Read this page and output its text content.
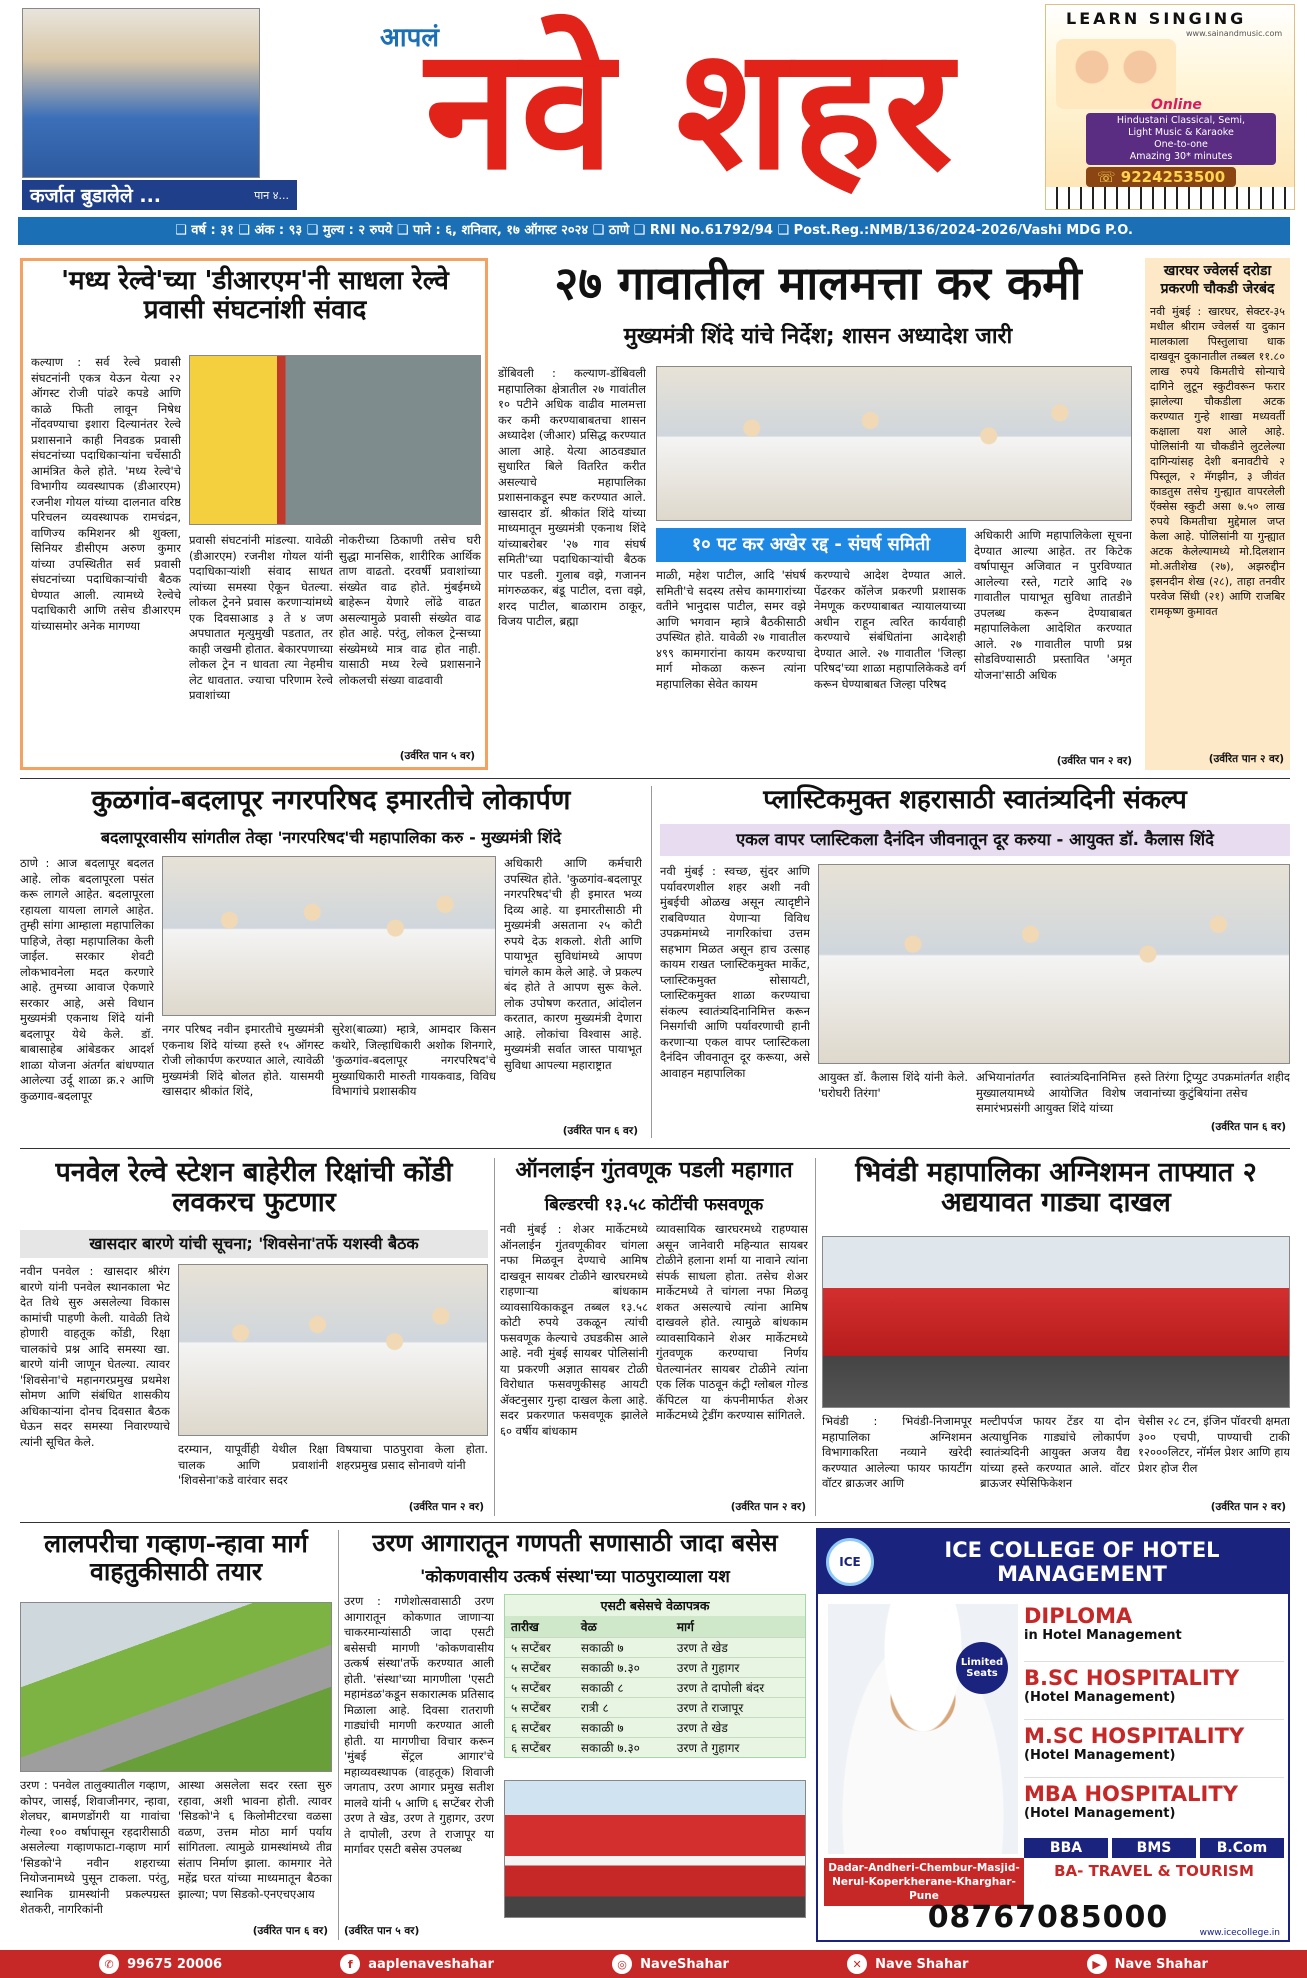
कर्जात बुडालेले ...	पान ४...
आपलं
नवे शहर	LEARN SINGING
www.sainandmusic.com
Online
Hindustani Classical, Semi,
Light Music & Karaoke
One-to-one
Amazing 30* minutes
☏ 9224253500
❑ वर्ष : ३१ ❑ अंक : ९३ ❑ मुल्य : २ रुपये ❑ पाने : ६, शनिवार, १७ ऑगस्ट २०२४ ❑ ठाणे ❑ RNI No.61792/94 ❑ Post.Reg.:NMB/136/2024-2026/Vashi MDG P.O.
'मध्य रेल्वे'च्या 'डीआरएम'नी साधला रेल्वे प्रवासी संघटनांशी संवाद
कल्याण : सर्व रेल्वे प्रवासी संघटनांनी एकत्र येऊन येत्या २२ ऑगस्ट रोजी पांढरे कपडे आणि काळे फिती लावून निषेध नोंदवण्याचा इशारा दिल्यानंतर रेल्वे प्रशासनाने काही निवडक प्रवासी संघटनांच्या पदाधिकाऱ्यांना चर्चेसाठी आमंत्रित केले होते. 'मध्य रेल्वे'चे विभागीय व्यवस्थापक (डीआरएम) रजनीश गोयल यांच्या दालनात वरिष्ठ परिचलन व्यवस्थापक रामचंद्रन, वाणिज्य कमिशनर श्री शुक्ला, सिनियर डीसीएम अरुण कुमार यांच्या उपस्थितीत सर्व प्रवासी संघटनांच्या पदाधिकाऱ्यांची बैठक घेण्यात आली. त्यामध्ये रेल्वेचे पदाधिकारी आणि तसेच डीआरएम यांच्यासमोर अनेक मागण्या
प्रवासी संघटनांनी मांडल्या. यावेळी (डीआरएम) रजनीश गोयल यांनी पदाधिकाऱ्यांशी संवाद साधत त्यांच्या समस्या ऐकून घेतल्या. लोकल ट्रेनने प्रवास करणाऱ्यांमध्ये एक दिवसाआड ३ ते ४ जण अपघातात मृत्युमुखी पडतात, तर काही जखमी होतात. बेकारपणाच्या लोकल ट्रेन न धावता त्या नेहमीच लेट धावतात. ज्याचा परिणाम रेल्वे प्रवाशांच्या
नोकरीच्या ठिकाणी तसेच घरी सुद्धा मानसिक, शारीरिक आर्थिक ताण वाढतो. दरवर्षी प्रवाशांच्या संख्येत वाढ होते. मुंबईमध्ये बाहेरून येणारे लोंढे वाढत असल्यामुळे प्रवासी संख्येत वाढ होत आहे. परंतु, लोकल ट्रेन्सच्या संख्येमध्ये मात्र वाढ होत नाही. यासाठी मध्य रेल्वे प्रशासनाने लोकलची संख्या वाढवावी
(उर्वरित पान ५ वर)
२७ गावातील मालमत्ता कर कमी
मुख्यमंत्री शिंदे यांचे निर्देश; शासन अध्यादेश जारी
डोंबिवली : कल्याण-डोंबिवली महापालिका क्षेत्रातील २७ गावांतील १० पटीने अधिक वाढीव मालमत्ता कर कमी करण्याबाबतचा शासन अध्यादेश (जीआर) प्रसिद्ध करण्यात आला आहे. येत्या आठवड्यात सुधारित बिले वितरित करीत असल्याचे महापालिका प्रशासनाकडून स्पष्ट करण्यात आले. खासदार डॉ. श्रीकांत शिंदे यांच्या माध्यमातून मुख्यमंत्री एकनाथ शिंदे यांच्याबरोबर '२७ गाव संघर्ष समिती'च्या पदाधिकाऱ्यांची बैठक पार पडली. गुलाब वझे, गजानन मांगरुळकर, बंडू पाटील, दत्ता वझे, शरद पाटील, बाळाराम ठाकूर, विजय पाटील, ब्रह्मा
१० पट कर अखेर रद्द - संघर्ष समिती
माळी, महेश पाटील, आदि 'संघर्ष समिती'चे सदस्य तसेच कामगारांच्या वतीने भानुदास पाटील, समर वझे आणि भगवान म्हात्रे बैठकीसाठी उपस्थित होते. यावेळी २७ गावातील ४९९ कामगारांना कायम करण्याचा मार्ग मोकळा करून त्यांना महापालिका सेवेत कायम
करण्याचे आदेश देण्यात आले. पेंढरकर कॉलेज प्रकरणी प्रशासक नेमणूक करण्याबाबत न्यायालयाच्या अधीन राहून त्वरित कार्यवाही करण्याचे संबंधितांना आदेशही देण्यात आले. २७ गावातील 'जिल्हा परिषद'च्या शाळा महापालिकेकडे वर्ग करून घेण्याबाबत जिल्हा परिषद
अधिकारी आणि महापालिकेला सूचना देण्यात आल्या आहेत. तर किटेक वर्षापासून अजिवात न पुरविण्यात आलेल्या रस्ते, गटारे आदि २७ गावातील पायाभूत सुविधा तातडीने उपलब्ध करून देण्याबाबत महापालिकेला आदेशित करण्यात आले. २७ गावातील पाणी प्रश्न सोडविण्यासाठी प्रस्तावित 'अमृत योजना'साठी अधिक
(उर्वरित पान २ वर)
खारघर ज्वेलर्स दरोडा प्रकरणी चौकडी जेरबंद
नवी मुंबई : खारघर, सेक्टर-३५ मधील श्रीराम ज्वेलर्स या दुकान मालकाला पिस्तुलाचा धाक दाखवून दुकानातील तब्बल ११.८० लाख रुपये किमतीचे सोन्याचे दागिने लुटून स्कुटीवरून फरार झालेल्या चौकडीला अटक करण्यात गुन्हे शाखा मध्यवर्ती कक्षाला यश आले आहे. पोलिसांनी या चौकडीने लुटलेल्या दागिन्यांसह देशी बनावटीचे २ पिस्तूल, २ मॅगझीन, ३ जीवंत काडतुस तसेच गुन्ह्यात वापरलेली ऍक्सेस स्कुटी असा ७.५० लाख रुपये किमतीचा मुद्देमाल जप्त केला आहे. पोलिसांनी या गुन्ह्यात अटक केलेल्यामध्ये मो.दिलशान मो.अतीशेख (२७), अझरुद्दीन इसनदीन शेख (२८), ताहा तनवीर परवेज सिंधी (२१) आणि राजबिर रामकृष्ण कुमावत
(उर्वरित पान २ वर)
कुळगांव-बदलापूर नगरपरिषद इमारतीचे लोकार्पण
बदलापूरवासीय सांगतील तेव्हा 'नगरपरिषद'ची महापालिका करु - मुख्यमंत्री शिंदे
ठाणे : आज बदलापूर बदलत आहे. लोक बदलापूरला पसंत करू लागले आहेत. बदलापूरला रहायला यायला लागले आहेत. तुम्ही सांगा आम्हाला महापालिका पाहिजे, तेव्हा महापालिका केली जाईल. सरकार शेवटी लोकभावनेला मदत करणारे आहे. तुमच्या आवाज ऐकणारे सरकार आहे, असे विधान मुख्यमंत्री एकनाथ शिंदे यांनी बदलापूर येथे केले. डॉ. बाबासाहेब आंबेडकर आदर्श शाळा योजना अंतर्गत बांधण्यात आलेल्या उर्दू शाळा क्र.२ आणि कुळगाव-बदलापूर
नगर परिषद नवीन इमारतीचे मुख्यमंत्री एकनाथ शिंदे यांच्या हस्ते १५ ऑगस्ट रोजी लोकार्पण करण्यात आले, त्यावेळी मुख्यमंत्री शिंदे बोलत होते. यासमयी खासदार श्रीकांत शिंदे,
सुरेश(बाळ्या) म्हात्रे, आमदार किसन कथोरे, जिल्हाधिकारी अशोक शिनगारे, 'कुळगांव-बदलापूर नगरपरिषद'चे मुख्याधिकारी मारुती गायकवाड, विविध विभागांचे प्रशासकीय
अधिकारी आणि कर्मचारी उपस्थित होते. 'कुळगांव-बदलापूर नगरपरिषद'ची ही इमारत भव्य दिव्य आहे. या इमारतीसाठी मी मुख्यमंत्री असताना २५ कोटी रुपये देऊ शकलो. शेती आणि पायाभूत सुविधांमध्ये आपण चांगले काम केले आहे. जे प्रकल्प बंद होते ते आपण सुरू केले. लोक उपोषण करतात, आंदोलन करतात, कारण मुख्यमंत्री देणारा आहे. लोकांचा विश्वास आहे. मुख्यमंत्री सर्वात जास्त पायाभूत सुविधा आपल्या महाराष्ट्रात
(उर्वरित पान ६ वर)
प्लास्टिकमुक्त शहरासाठी स्वातंत्र्यदिनी संकल्प
एकल वापर प्लास्टिकला दैनंदिन जीवनातून दूर करुया - आयुक्त डॉ. कैलास शिंदे
नवी मुंबई : स्वच्छ, सुंदर आणि पर्यावरणशील शहर अशी नवी मुंबईची ओळख असून त्यादृष्टीने राबविण्यात येणाऱ्या विविध उपक्रमांमध्ये नागरिकांचा उत्तम सहभाग मिळत असून हाच उत्साह कायम राखत प्लास्टिकमुक्त मार्केट, प्लास्टिकमुक्त सोसायटी, प्लास्टिकमुक्त शाळा करण्याचा संकल्प स्वातंत्र्यदिनानिमित्त करून निसर्गाची आणि पर्यावरणाची हानी करणाऱ्या एकल वापर प्लास्टिकला दैनंदिन जीवनातून दूर करूया, असे आवाहन महापालिका	आयुक्त डॉ. कैलास शिंदे यांनी केले. 'घरोघरी तिरंगा'
अभियानांतर्गत स्वातंत्र्यदिनानिमित्त मुख्यालयामध्ये आयोजित विशेष समारंभप्रसंगी आयुक्त शिंदे यांच्या
हस्ते तिरंगा ट्रिप्युट उपक्रमांतर्गत शहीद जवानांच्या कुटुंबियांना तसेच
(उर्वरित पान ६ वर)
पनवेल रेल्वे स्टेशन बाहेरील रिक्षांची कोंडी लवकरच फुटणार
खासदार बारणे यांची सूचना; 'शिवसेना'तर्फे यशस्वी बैठक
नवीन पनवेल : खासदार श्रीरंग बारणे यांनी पनवेल स्थानकाला भेट देत तिथे सुरु असलेल्या विकास कामांची पाहणी केली. यावेळी तिथे होणारी वाहतूक कोंडी, रिक्षा चालकांचे प्रश्न आदि समस्या खा. बारणे यांनी जाणून घेतल्या. त्यावर 'शिवसेना'चे महानगरप्रमुख प्रथमेश सोमण आणि संबंधित शासकीय अधिकाऱ्यांना दोनच दिवसात बैठक घेऊन सदर समस्या निवारण्याचे त्यांनी सूचित केले.
दरम्यान, यापूर्वीही येथील रिक्षा चालक आणि प्रवाशांनी 'शिवसेना'कडे वारंवार सदर
विषयाचा पाठपुरावा केला होता. शहरप्रमुख प्रसाद सोनावणे यांनी
(उर्वरित पान २ वर)
ऑनलाईन गुंतवणूक पडली महागात
बिल्डरची १३.५८ कोटींची फसवणूक
नवी मुंबई : शेअर मार्केटमध्ये ऑनलाईन गुंतवणूकीवर चांगला नफा मिळवून देण्याचे आमिष दाखवून सायबर टोळीने खारघरमध्ये राहणाऱ्या बांधकाम व्यावसायिकाकडून तब्बल १३.५८ कोटी रुपये उकळून त्यांची फसवणूक केल्याचे उघडकीस आले आहे. नवी मुंबई सायबर पोलिसांनी या प्रकरणी अज्ञात सायबर टोळी विरोधात फसवणुकीसह आयटी ॲक्टनुसार गुन्हा दाखल केला आहे. सदर प्रकरणात फसवणूक झालेले ६० वर्षीय बांधकाम
व्यावसायिक खारघरमध्ये राहण्यास असून जानेवारी महिन्यात सायबर टोळीने हलाना शर्मा या नावाने त्यांना संपर्क साधला होता. तसेच शेअर मार्केटमध्ये ते चांगला नफा मिळवू शकत असल्याचे त्यांना आमिष दाखवले होते. त्यामुळे बांधकाम व्यावसायिकाने शेअर मार्केटमध्ये गुंतवणूक करण्याचा निर्णय घेतल्यानंतर सायबर टोळीने त्यांना एक लिंक पाठवून कंट्री ग्लोबल गोल्ड कॅपिटल या कंपनीमार्फत शेअर मार्केटमध्ये ट्रेडींग करण्यास सांगितले.
(उर्वरित पान २ वर)
भिवंडी महापालिका अग्निशमन ताफ्यात २ अद्ययावत गाड्या दाखल
भिवंडी : भिवंडी-निजामपूर महापालिका अग्निशमन विभागाकरिता नव्याने खरेदी करण्यात आलेल्या फायर फायटींग वॉटर ब्राऊजर आणि
मल्टीपर्पज फायर टेंडर या दोन अत्याधुनिक गाड्यांचे लोकार्पण स्वातंत्र्यदिनी आयुक्त अजय वैद्य यांच्या हस्ते करण्यात आले. वॉटर ब्राऊजर स्पेसिफिकेशन
चेसीस २८ टन, इंजिन पॉवरची क्षमता ३०० एचपी, पाण्याची टाकी १२०००लिटर, नॉर्मल प्रेशर आणि हाय प्रेशर होज रील
(उर्वरित पान २ वर)
लालपरीचा गव्हाण-न्हावा मार्ग वाहतुकीसाठी तयार
उरण : पनवेल तालुक्यातील गव्हाण, कोपर, जासई, शिवाजीनगर, न्हावा, शेलघर, बामणडोंगरी या गावांचा गेल्या १०० वर्षापासून रहदारीसाठी असलेल्या गव्हाणफाटा-गव्हाण मार्ग 'सिडको'ने नवीन शहराच्या नियोजनामध्ये पुसून टाकला. परंतु, स्थानिक ग्रामस्थांनी प्रकल्पग्रस्त शेतकरी, नागरिकांनी
आस्था असलेला सदर रस्ता सुरु रहावा, अशी भावना होती. त्यावर 'सिडको'ने ६ किलोमीटरचा वळसा वळण, उत्तम मोठा मार्ग पर्याय सांगितला. त्यामुळे ग्रामस्थांमध्ये तीव्र संताप निर्माण झाला. कामगार नेते महेंद्र घरत यांच्या माध्यमातून बैठका झाल्या; पण सिडको-एनएचएआय
(उर्वरित पान ६ वर)
उरण आगारातून गणपती सणासाठी जादा बसेस
'कोकणवासीय उत्कर्ष संस्था'च्या पाठपुराव्याला यश
उरण : गणेशोत्सवासाठी उरण आगारातून कोकणात जाणाऱ्या चाकरमान्यांसाठी जादा एसटी बसेसची मागणी 'कोकणवासीय उत्कर्ष संस्था'तर्फे करण्यात आली होती. 'संस्था'च्या मागणीला 'एसटी महामंडळ'कडून सकारात्मक प्रतिसाद मिळाला आहे. दिवसा रातराणी गाड्यांची मागणी करण्यात आली होती. या मागणीचा विचार करून 'मुंबई सेंट्रल आगार'चे महाव्यवस्थापक (वाहतूक) शिवाजी जगताप, उरण आगार प्रमुख सतीश मालवे यांनी ५ आणि ६ सप्टेंबर रोजी उरण ते खेड, उरण ते गुहागर, उरण ते दापोली, उरण ते राजापूर या मार्गावर एसटी बसेस उपलब्ध
एसटी बसेसचे वेळापत्रक
तारीख	वेळ	मार्ग
५ सप्टेंबर	सकाळी ७	उरण ते खेड
५ सप्टेंबर	सकाळी ७.३०	उरण ते गुहागर
५ सप्टेंबर	सकाळी ८	उरण ते दापोली बंदर
५ सप्टेंबर	रात्री ८	उरण ते राजापूर
६ सप्टेंबर	सकाळी ७	उरण ते खेड
६ सप्टेंबर	सकाळी ७.३०	उरण ते गुहागर
(उर्वरित पान ५ वर)
ICE	ICE COLLEGE OF HOTEL MANAGEMENT
Limited Seats
DIPLOMA
in Hotel Management
B.SC HOSPITALITY
(Hotel Management)
M.SC HOSPITALITY
(Hotel Management)
MBA HOSPITALITY
(Hotel Management)
BBA	BMS	B.Com
BA- TRAVEL & TOURISM
Dadar-Andheri-Chembur-Masjid-Nerul-Koperkherane-Kharghar-Pune
08767085000	www.icecollege.in
✆	99675 20006	f	aaplenaveshahar	◎	NaveShahar	✕	Nave Shahar	▶	Nave Shahar
